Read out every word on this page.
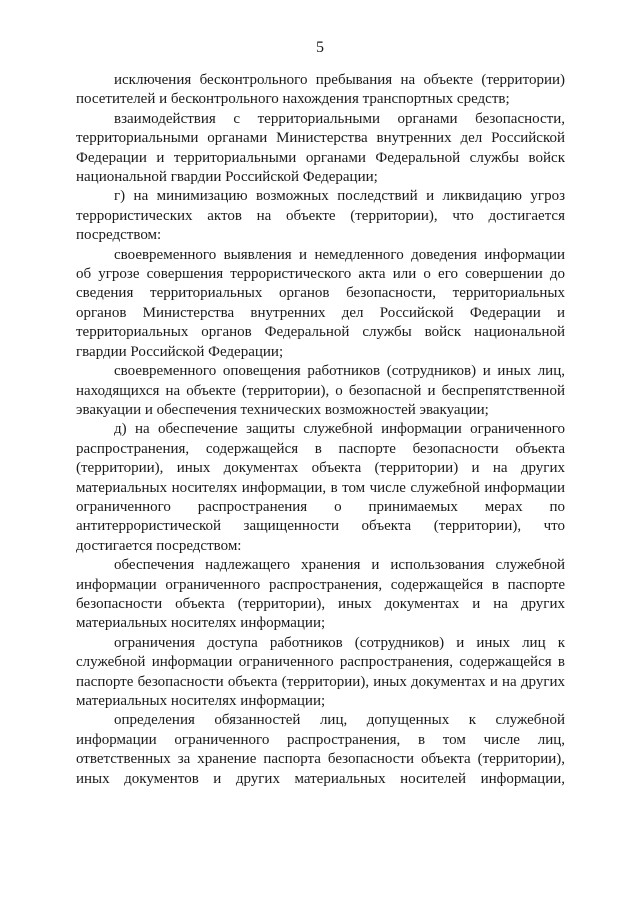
5

исключения бесконтрольного пребывания на объекте (территории) посетителей и бесконтрольного нахождения транспортных средств;

взаимодействия с территориальными органами безопасности, территориальными органами Министерства внутренних дел Российской Федерации и территориальными органами Федеральной службы войск национальной гвардии Российской Федерации;

г) на минимизацию возможных последствий и ликвидацию угроз террористических актов на объекте (территории), что достигается посредством:

своевременного выявления и немедленного доведения информации об угрозе совершения террористического акта или о его совершении до сведения территориальных органов безопасности, территориальных органов Министерства внутренних дел Российской Федерации и территориальных органов Федеральной службы войск национальной гвардии Российской Федерации;

своевременного оповещения работников (сотрудников) и иных лиц, находящихся на объекте (территории), о безопасной и беспрепятственной эвакуации и обеспечения технических возможностей эвакуации;

д) на обеспечение защиты служебной информации ограниченного распространения, содержащейся в паспорте безопасности объекта (территории), иных документах объекта (территории) и на других материальных носителях информации, в том числе служебной информации ограниченного распространения о принимаемых мерах по антитеррористической защищенности объекта (территории), что достигается посредством:

обеспечения надлежащего хранения и использования служебной информации ограниченного распространения, содержащейся в паспорте безопасности объекта (территории), иных документах и на других материальных носителях информации;

ограничения доступа работников (сотрудников) и иных лиц к служебной информации ограниченного распространения, содержащейся в паспорте безопасности объекта (территории), иных документах и на других материальных носителях информации;

определения обязанностей лиц, допущенных к служебной информации ограниченного распространения, в том числе лиц, ответственных за хранение паспорта безопасности объекта (территории), иных документов и других материальных носителей информации,
